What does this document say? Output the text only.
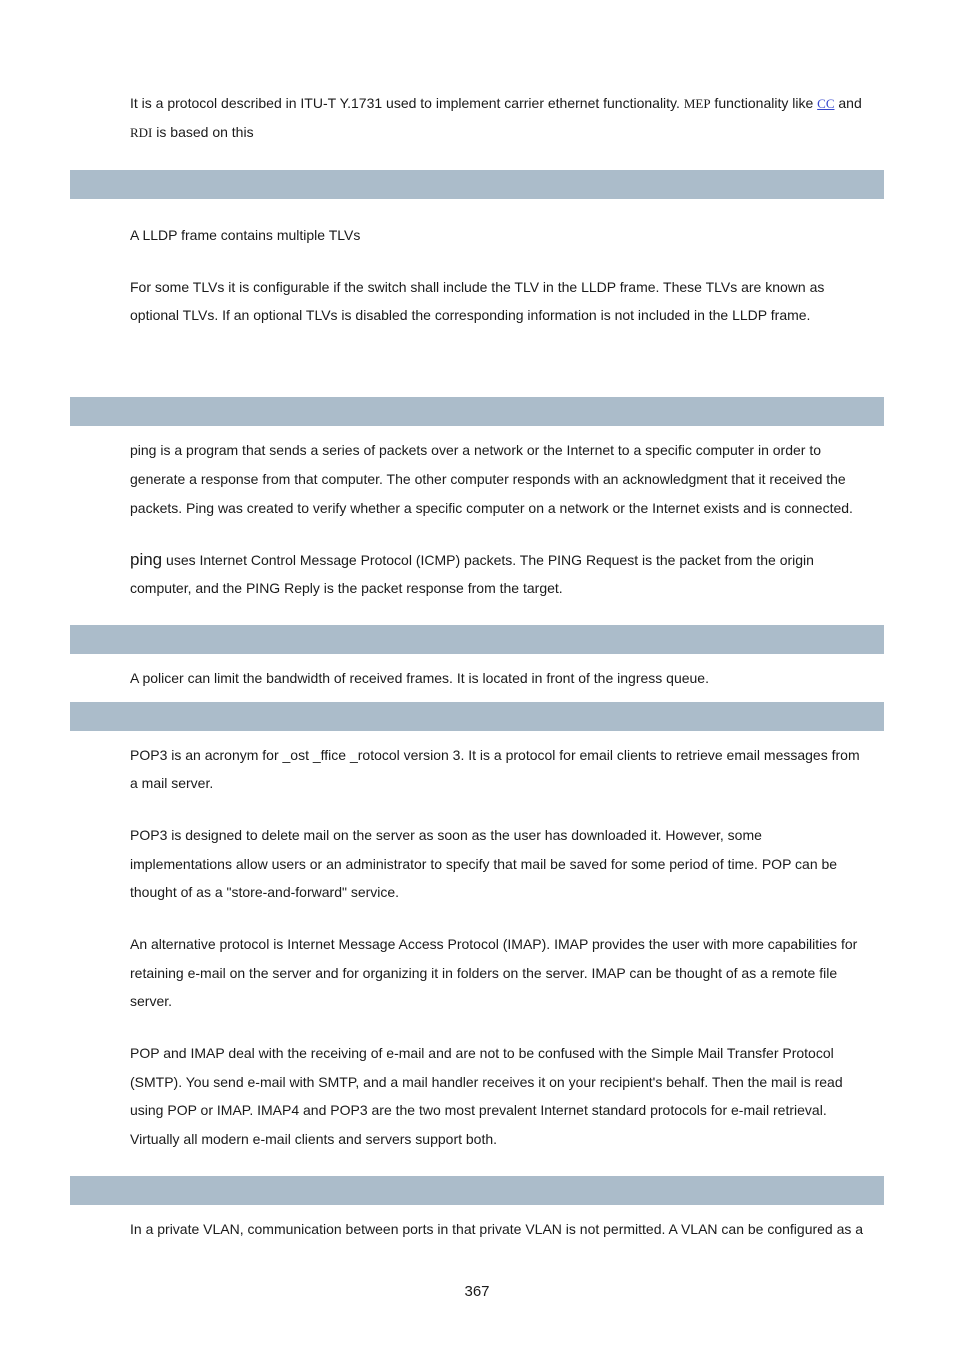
It is a protocol described in ITU-T Y.1731 used to implement carrier ethernet functionality. MEP functionality like CC and
RDI is based on this
A LLDP frame contains multiple TLVs
For some TLVs it is configurable if the switch shall include the TLV in the LLDP frame. These TLVs are known as
optional TLVs. If an optional TLVs is disabled the corresponding information is not included in the LLDP frame.
ping is a program that sends a series of packets over a network or the Internet to a specific computer in order to
generate a response from that computer. The other computer responds with an acknowledgment that it received the
packets. Ping was created to verify whether a specific computer on a network or the Internet exists and is connected.
ping uses Internet Control Message Protocol (ICMP) packets. The PING Request is the packet from the origin
computer, and the PING Reply is the packet response from the target.
A policer can limit the bandwidth of received frames. It is located in front of the ingress queue.
POP3 is an acronym for _ost _ffice _rotocol version 3. It is a protocol for email clients to retrieve email messages from
a mail server.
POP3 is designed to delete mail on the server as soon as the user has downloaded it. However, some
implementations allow users or an administrator to specify that mail be saved for some period of time. POP can be
thought of as a "store-and-forward" service.
An alternative protocol is Internet Message Access Protocol (IMAP). IMAP provides the user with more capabilities for
retaining e-mail on the server and for organizing it in folders on the server. IMAP can be thought of as a remote file
server.
POP and IMAP deal with the receiving of e-mail and are not to be confused with the Simple Mail Transfer Protocol
(SMTP). You send e-mail with SMTP, and a mail handler receives it on your recipient's behalf. Then the mail is read
using POP or IMAP. IMAP4 and POP3 are the two most prevalent Internet standard protocols for e-mail retrieval.
Virtually all modern e-mail clients and servers support both.
In a private VLAN, communication between ports in that private VLAN is not permitted. A VLAN can be configured as a
367
